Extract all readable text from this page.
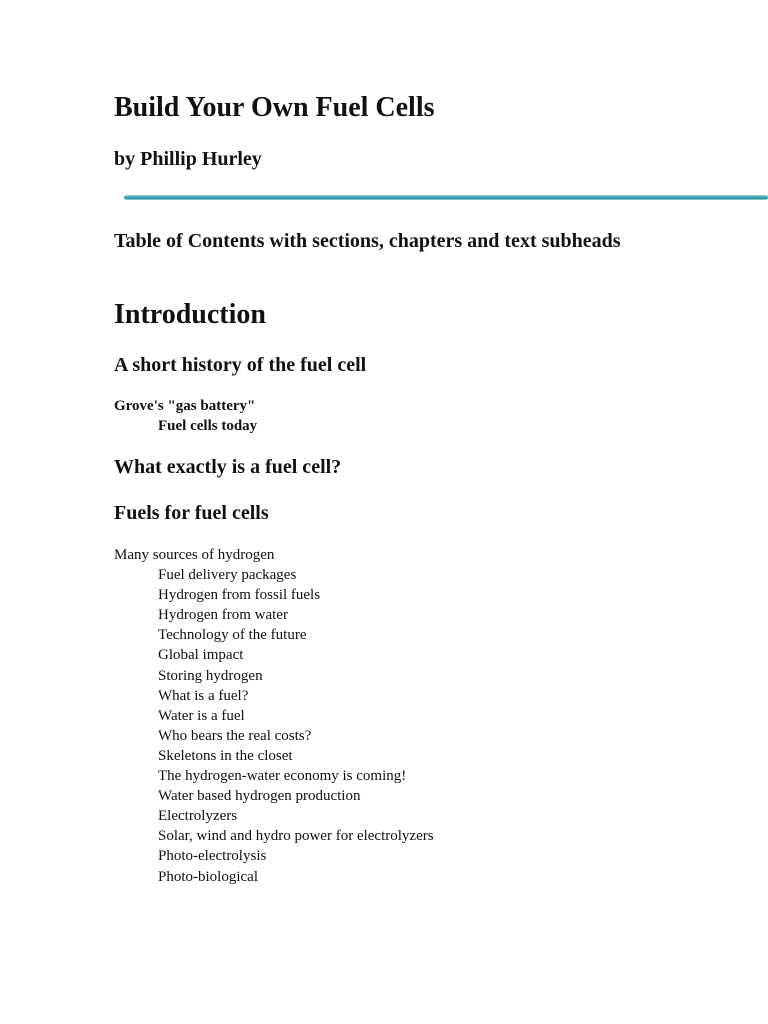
Build Your Own Fuel Cells
by Phillip Hurley
Table of Contents with sections, chapters and text subheads
Introduction
A short history of the fuel cell
Grove's "gas battery"
Fuel cells today
What exactly is a fuel cell?
Fuels for fuel cells
Many sources of hydrogen
Fuel delivery packages
Hydrogen from fossil fuels
Hydrogen from water
Technology of the future
Global impact
Storing hydrogen
What is a fuel?
Water is a fuel
Who bears the real costs?
Skeletons in the closet
The hydrogen-water economy is coming!
Water based hydrogen production
Electrolyzers
Solar, wind and hydro power for electrolyzers
Photo-electrolysis
Photo-biological
